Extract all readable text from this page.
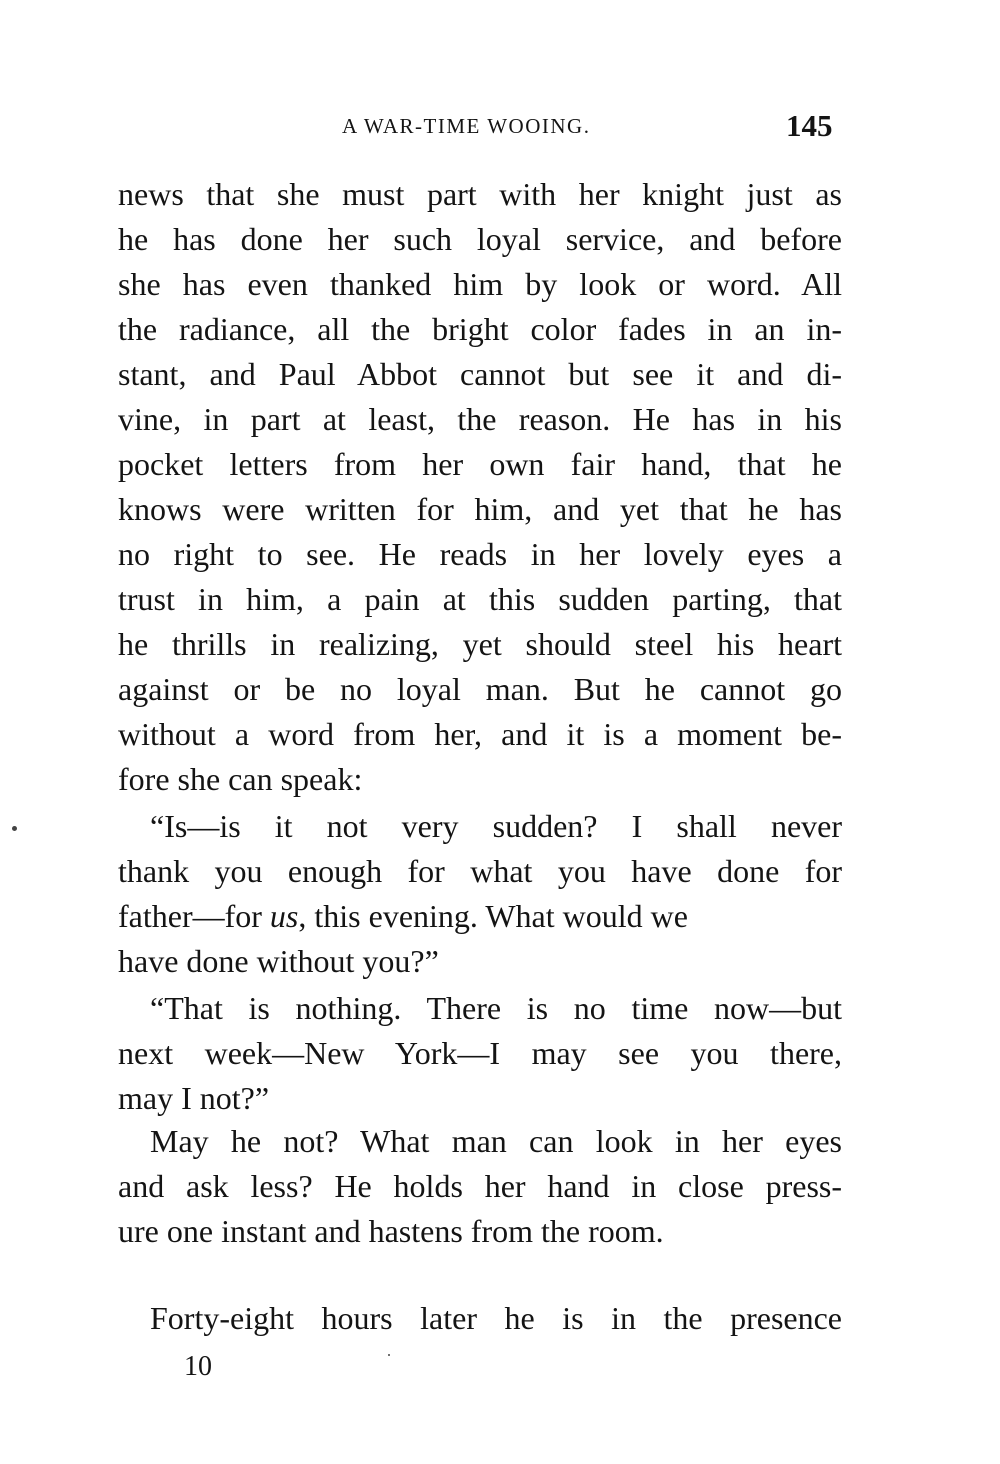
A WAR-TIME WOOING.	145
news that she must part with her knight just as
he has done her such loyal service, and before
she has even thanked him by look or word. All
the radiance, all the bright color fades in an in-
stant, and Paul Abbot cannot but see it and di-
vine, in part at least, the reason. He has in his
pocket letters from her own fair hand, that he
knows were written for him, and yet that he has
no right to see. He reads in her lovely eyes a
trust in him, a pain at this sudden parting, that
he thrills in realizing, yet should steel his heart
against or be no loyal man. But he cannot go
without a word from her, and it is a moment be-
fore she can speak:
“Is—is it not very sudden? I shall never
thank you enough for what you have done for
father—for us, this evening. What would we
have done without you?”
“That is nothing. There is no time now—but
next week—New York—I may see you there,
may I not?”
May he not? What man can look in her eyes
and ask less? He holds her hand in close press-
ure one instant and hastens from the room.
Forty-eight hours later he is in the presence
10
